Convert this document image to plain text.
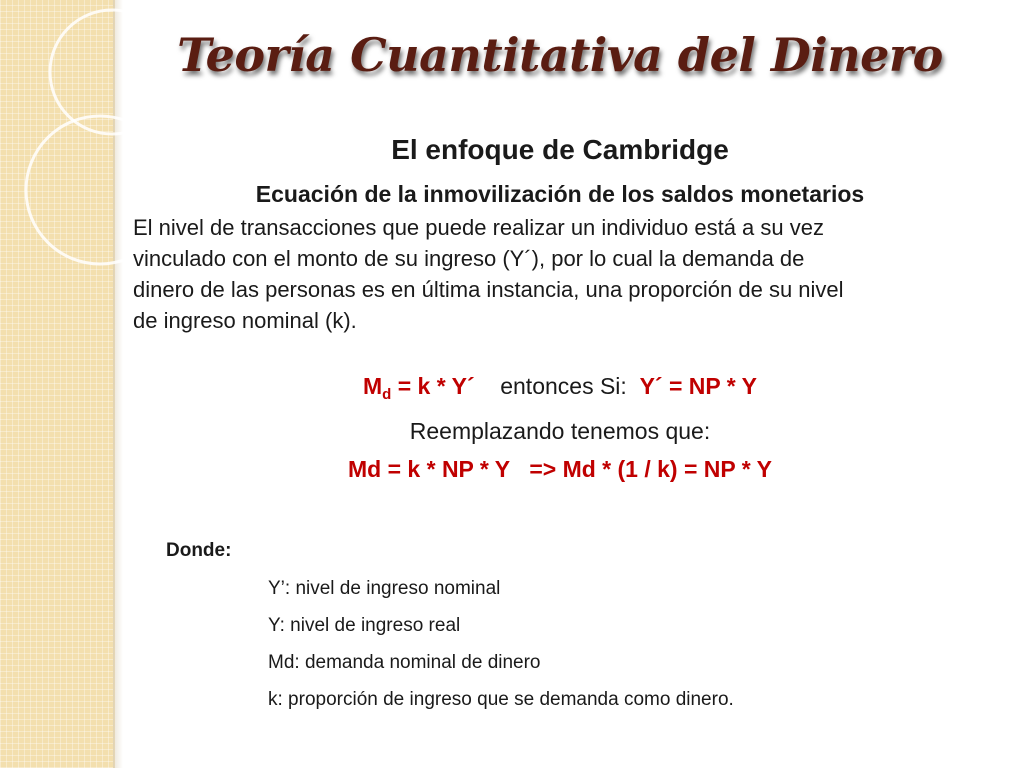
Teoría Cuantitativa del Dinero
El enfoque de Cambridge
Ecuación de la inmovilización de los saldos monetarios
El nivel de transacciones que puede realizar un individuo está a su vez
vinculado con el monto de su ingreso (Y´), por lo cual la demanda de
dinero de las personas es en última instancia, una proporción de su nivel
de ingreso nominal (k).
$M_d = k$ * Y´ entonces Si: Y´ = NP * Y
Reemplazando tenemos que:
Md = k * NP * Y => Md * (1 / k) = NP * Y
Donde:
Y’: nivel de ingreso nominal
Y: nivel de ingreso real
Md: demanda nominal de dinero
k: proporción de ingreso que se demanda como dinero.
